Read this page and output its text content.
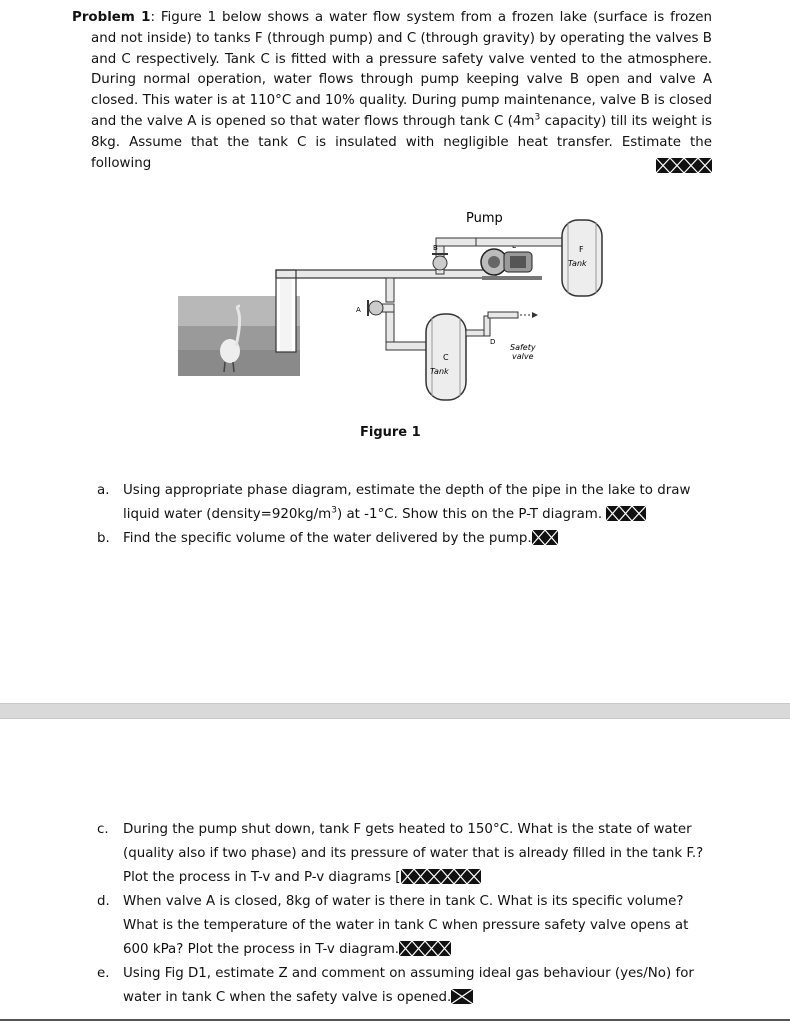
Problem 1: Figure 1 below shows a water flow system from a frozen lake (surface is frozen and not inside) to tanks F (through pump) and C (through gravity) by operating the valves B and C respectively. Tank C is fitted with a pressure safety valve vented to the atmosphere. During normal operation, water flows through pump keeping valve B open and valve A closed. This water is at 110°C and 10% quality. During pump maintenance, valve B is closed and the valve A is opened so that water flows through tank C ($4m^3$ capacity) till its weight is 8kg. Assume that the tank C is insulated with negligible heat transfer. Estimate the following

B
Pump
F
Tank
A
C
Tank
D
Safety
valve
Figure 1
a. Using appropriate phase diagram, estimate the depth of the pipe in the lake to draw liquid water $(density=920kg/m^3)$ at -1°C. Show this on the P-T diagram.
b. Find the specific volume of the water delivered by the pump.
c. During the pump shut down, tank F gets heated to 150°C. What is the state of water (quality also if two phase) and its pressure of water that is already filled in the tank F.? Plot the process in T-v and P-v diagrams [
d. When valve A is closed, 8kg of water is there in tank C. What is its specific volume? What is the temperature of the water in tank C when pressure safety valve opens at 600 kPa? Plot the process in T-v diagram.
e. Using Fig D1, estimate Z and comment on assuming ideal gas behaviour (yes/No) for water in tank C when the safety valve is opened.
